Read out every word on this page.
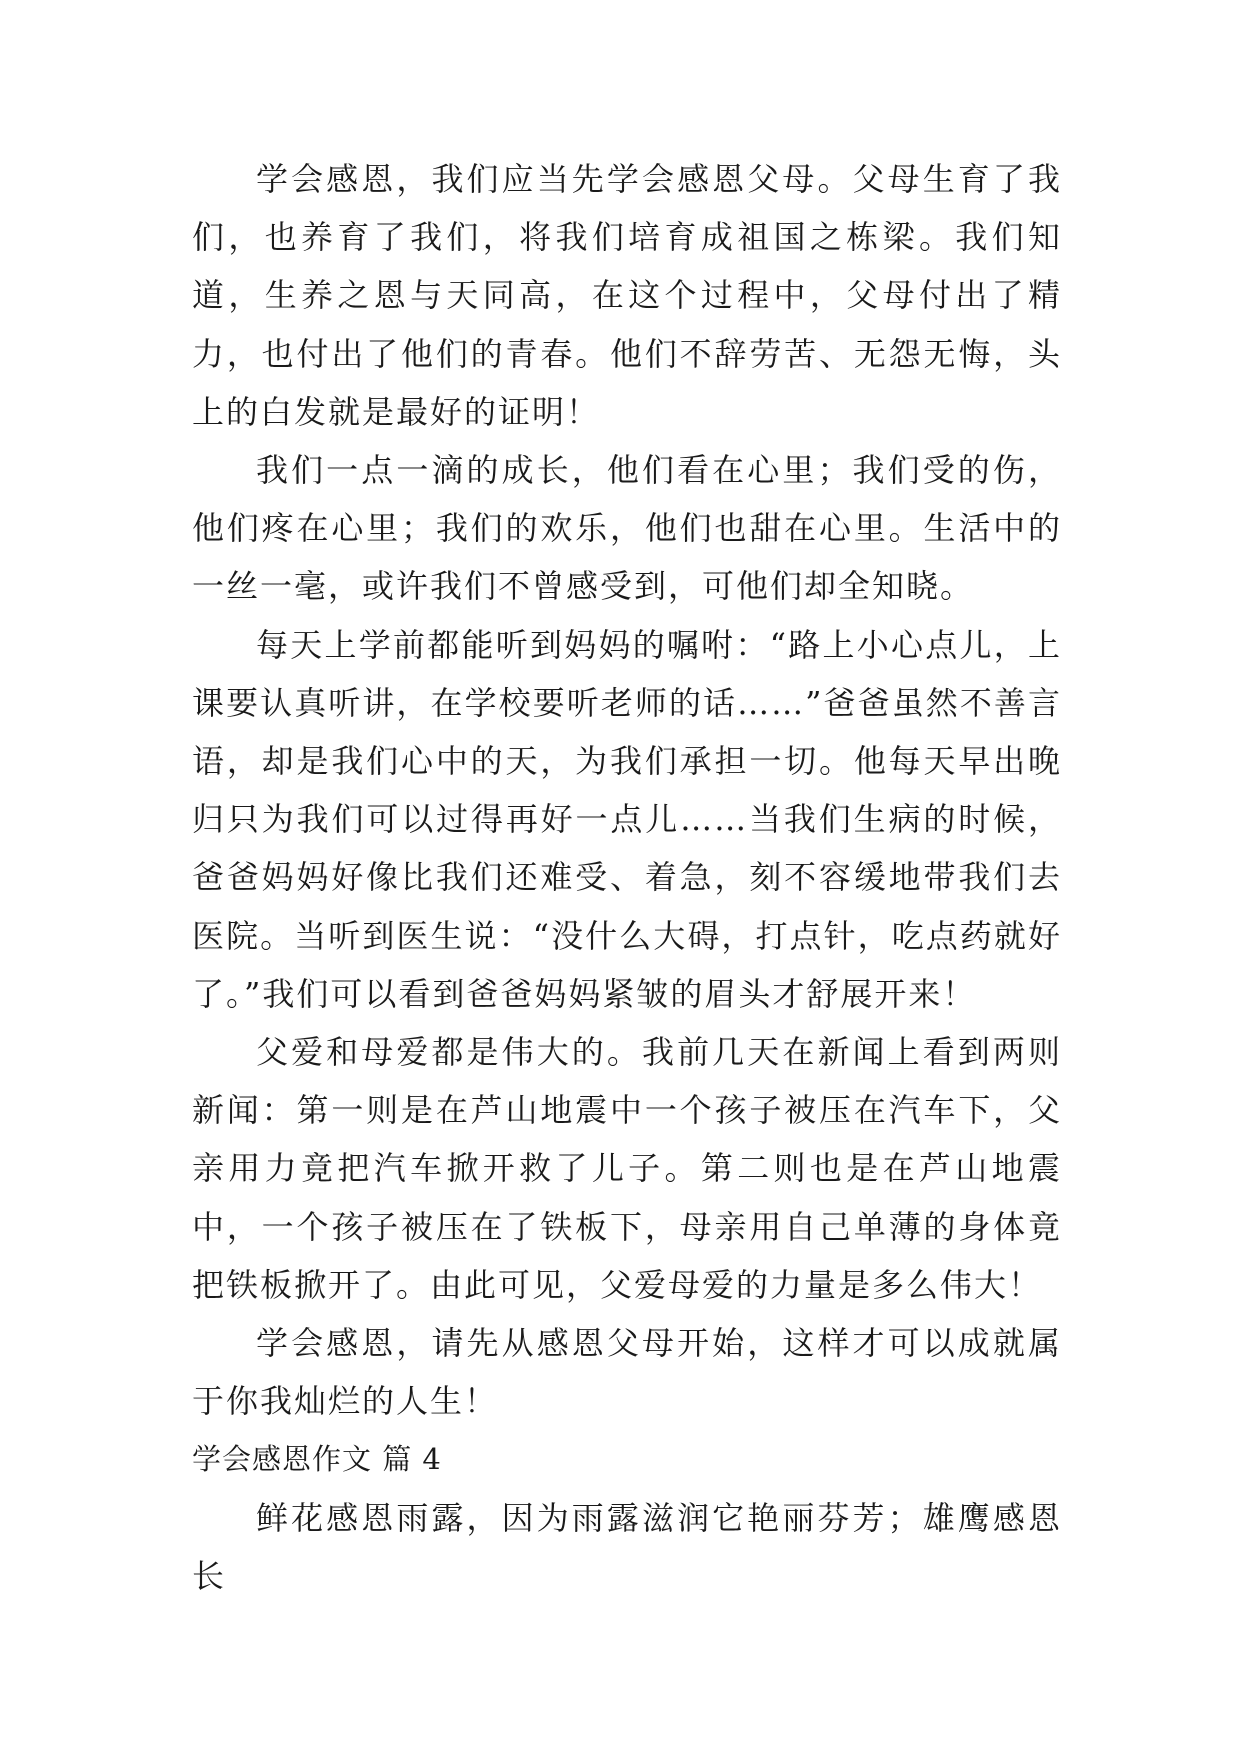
学会感恩，我们应当先学会感恩父母。父母生育了我们，也养育了我们，将我们培育成祖国之栋梁。我们知道，生养之恩与天同高，在这个过程中，父母付出了精力，也付出了他们的青春。他们不辞劳苦、无怨无悔，头上的白发就是最好的证明！

我们一点一滴的成长，他们看在心里；我们受的伤，他们疼在心里；我们的欢乐，他们也甜在心里。生活中的一丝一毫，或许我们不曾感受到，可他们却全知晓。

每天上学前都能听到妈妈的嘱咐：“路上小心点儿，上课要认真听讲，在学校要听老师的话……”爸爸虽然不善言语，却是我们心中的天，为我们承担一切。他每天早出晚归只为我们可以过得再好一点儿……当我们生病的时候，爸爸妈妈好像比我们还难受、着急，刻不容缓地带我们去医院。当听到医生说：“没什么大碍，打点针，吃点药就好了。”我们可以看到爸爸妈妈紧皱的眉头才舒展开来！

父爱和母爱都是伟大的。我前几天在新闻上看到两则新闻：第一则是在芦山地震中一个孩子被压在汽车下，父亲用力竟把汽车掀开救了儿子。第二则也是在芦山地震中，一个孩子被压在了铁板下，母亲用自己单薄的身体竟把铁板掀开了。由此可见，父爱母爱的力量是多么伟大！

学会感恩，请先从感恩父母开始，这样才可以成就属于你我灿烂的人生！

学会感恩作文 篇 4

鲜花感恩雨露，因为雨露滋润它艳丽芬芳；雄鹰感恩长
